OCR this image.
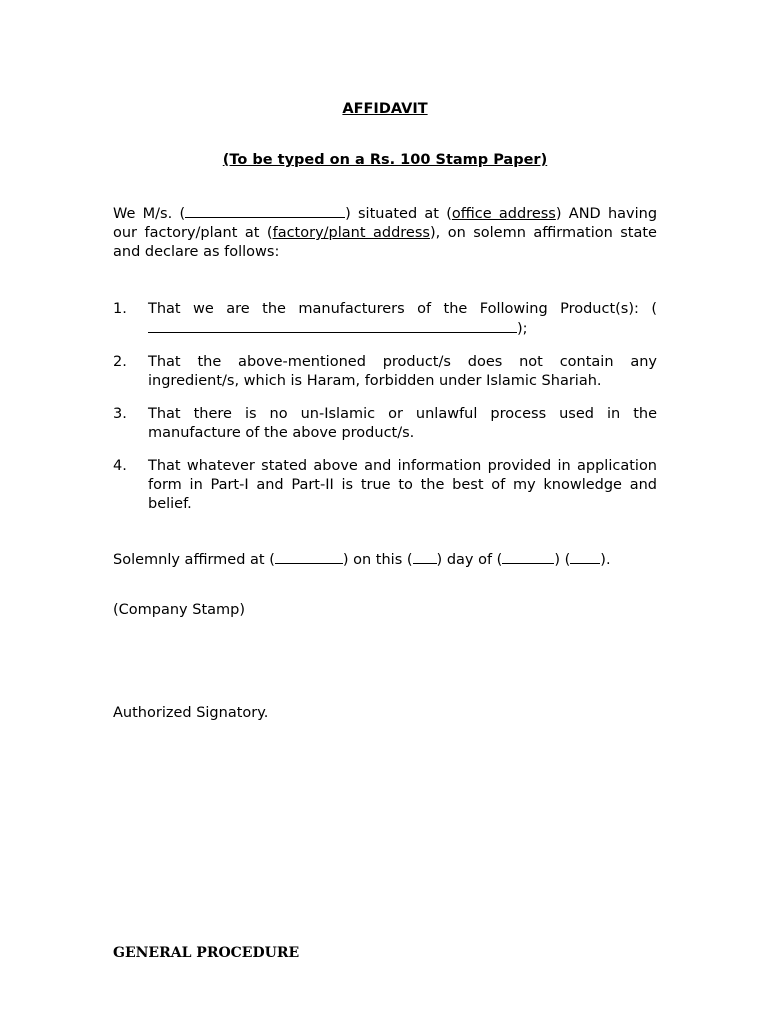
AFFIDAVIT
(To be typed on a Rs. 100 Stamp Paper)
We M/s. (	) situated at (office address) AND having our factory/plant at (factory/plant address), on solemn affirmation state and declare as follows:
1. That we are the manufacturers of the Following Product(s): ();
2. That the above-mentioned product/s does not contain any ingredient/s, which is Haram, forbidden under Islamic Shariah.
3. That there is no un-Islamic or unlawful process used in the manufacture of the above product/s.
4. That whatever stated above and information provided in application form in Part-I and Part-II is true to the best of my knowledge and belief.
Solemnly affirmed at (	) on this ( ) day of (	) ( ).
(Company Stamp)
Authorized Signatory.
GENERAL PROCEDURE
